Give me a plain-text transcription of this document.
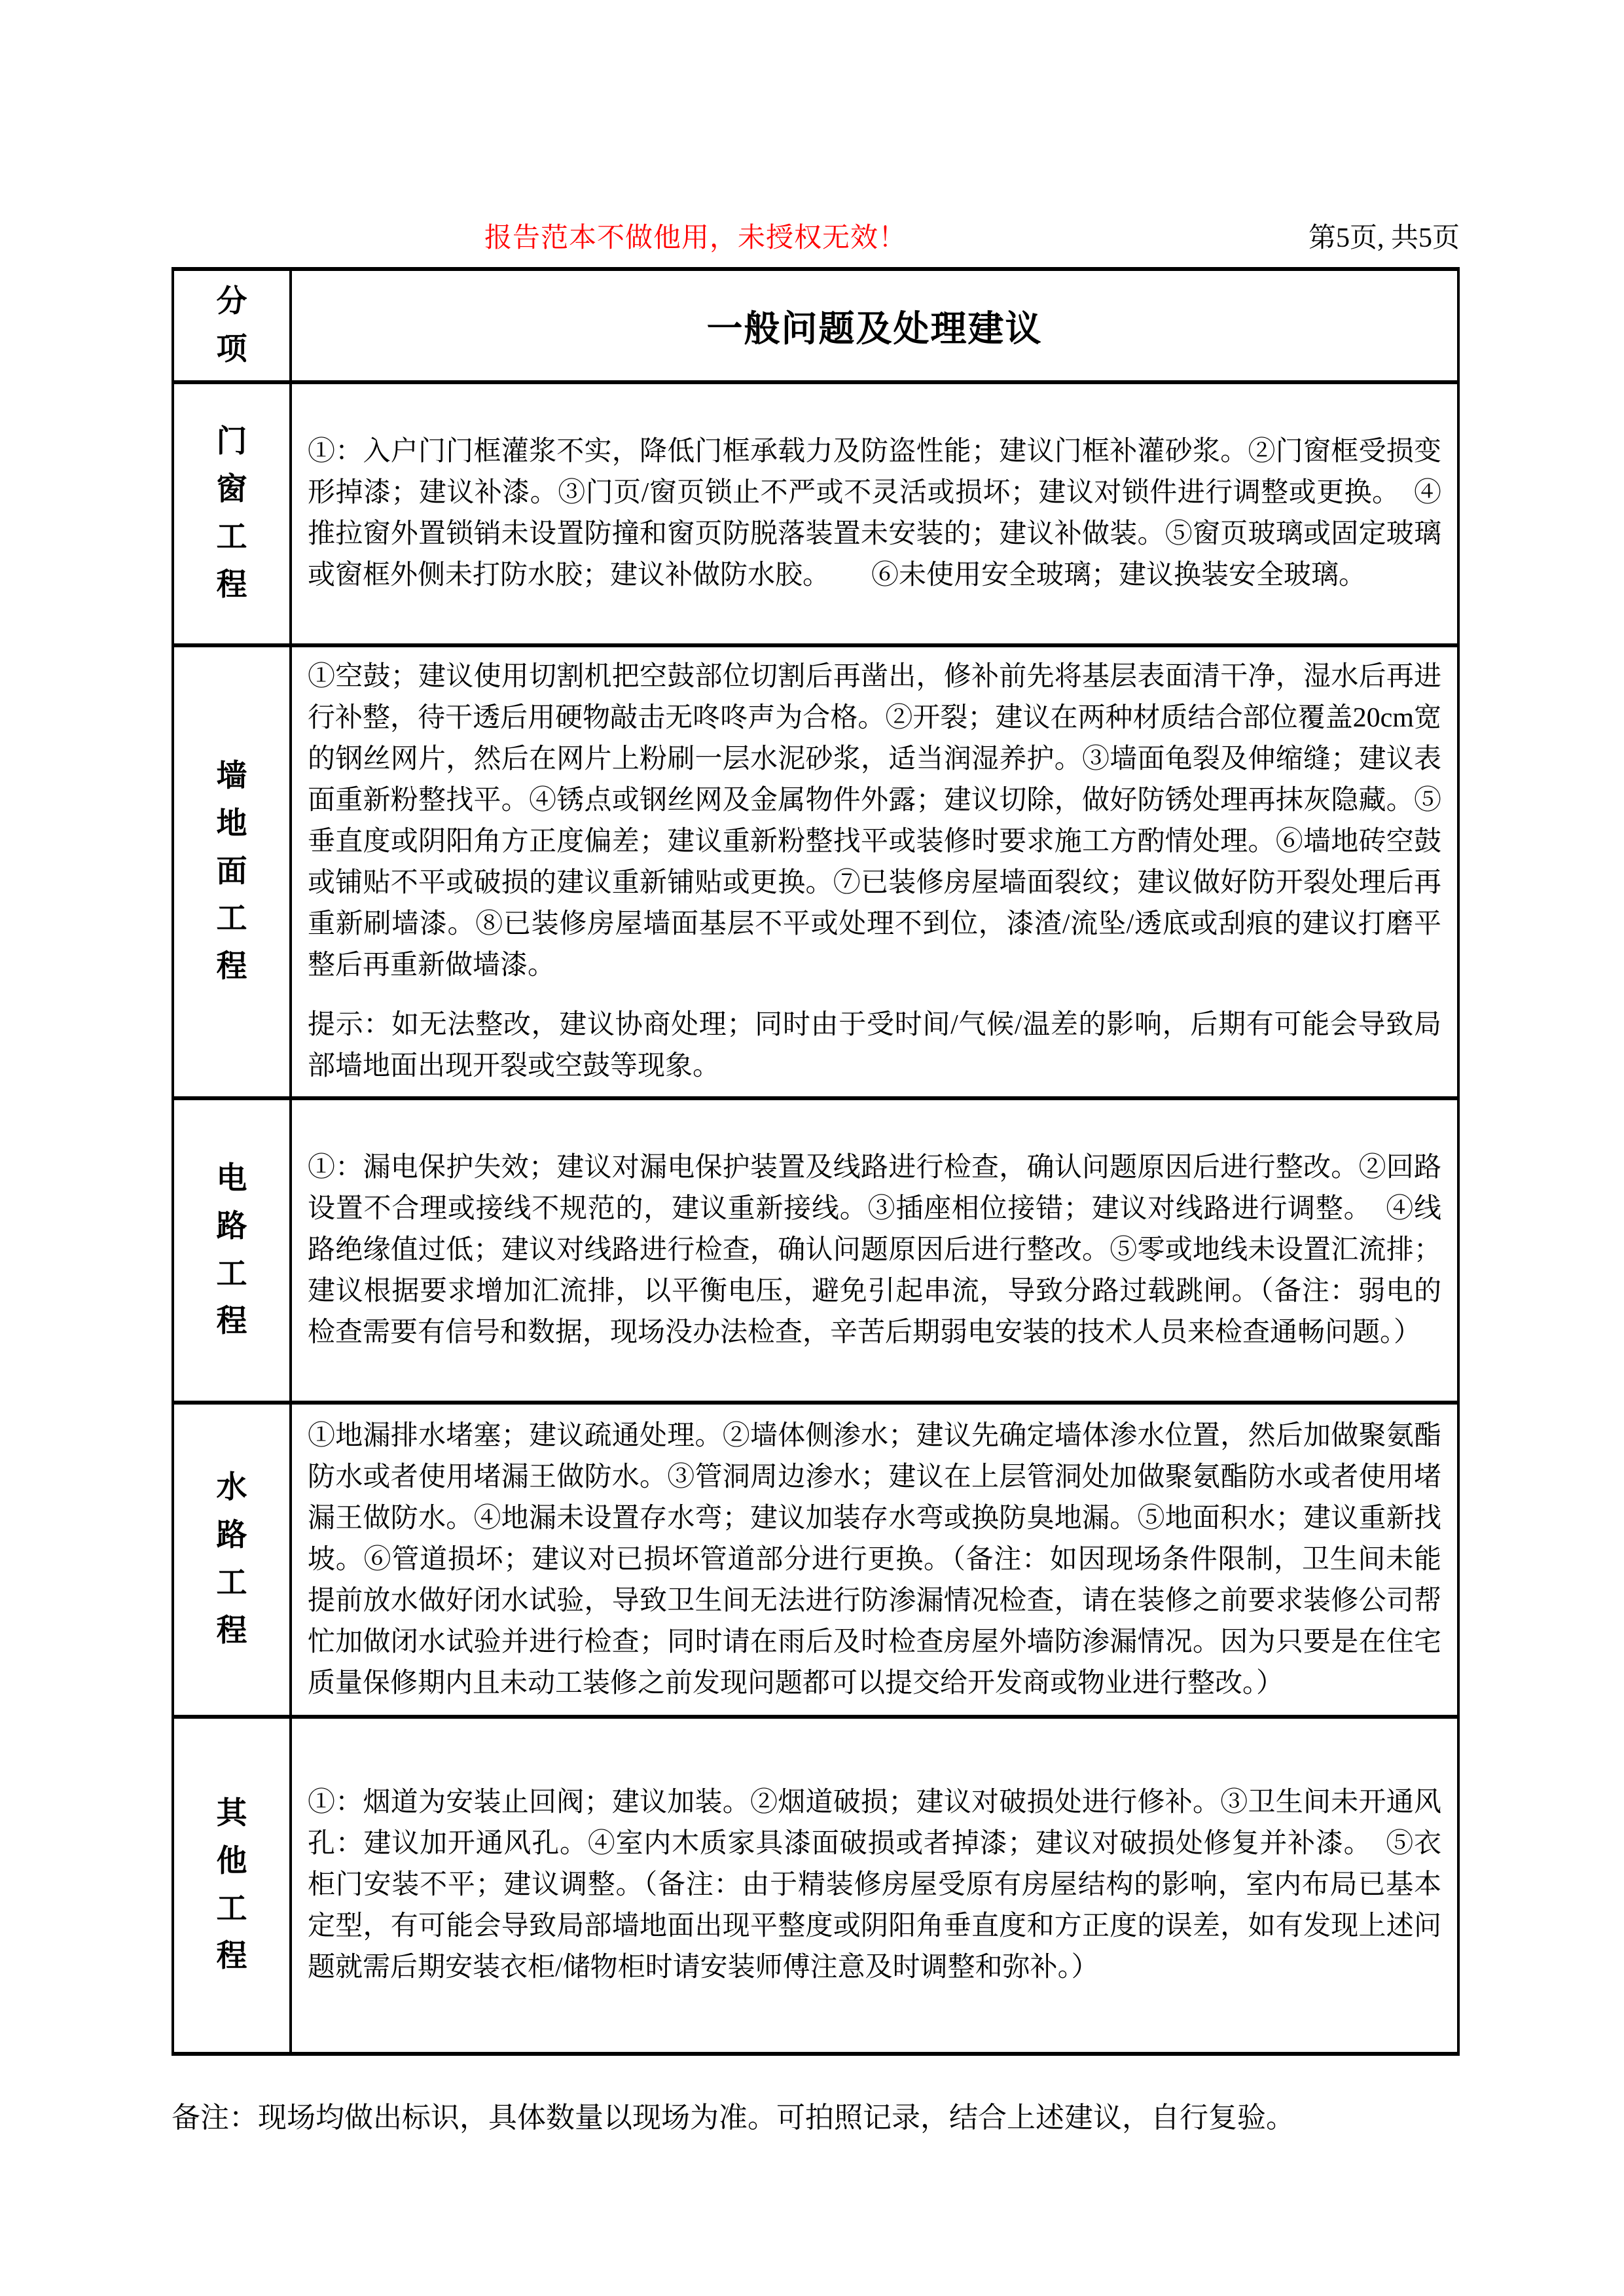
报告范本不做他用，未授权无效！	第5页, 共5页
分项	一般问题及处理建议

门窗工程	①：入户门门框灌浆不实，降低门框承载力及防盗性能；建议门框补灌砂浆。②门窗框受损变形掉漆；建议补漆。③门页/窗页锁止不严或不灵活或损坏；建议对锁件进行调整或更换。　④推拉窗外置锁销未设置防撞和窗页防脱落装置未安装的；建议补做装。⑤窗页玻璃或固定玻璃或窗框外侧未打防水胶；建议补做防水胶。　　⑥未使用安全玻璃；建议换装安全玻璃。

墙地面工程	①空鼓；建议使用切割机把空鼓部位切割后再凿出，修补前先将基层表面清干净，湿水后再进行补整，待干透后用硬物敲击无咚咚声为合格。②开裂；建议在两种材质结合部位覆盖20cm宽的钢丝网片，然后在网片上粉刷一层水泥砂浆，适当润湿养护。③墙面龟裂及伸缩缝；建议表面重新粉整找平。④锈点或钢丝网及金属物件外露；建议切除，做好防锈处理再抹灰隐藏。⑤垂直度或阴阳角方正度偏差；建议重新粉整找平或装修时要求施工方酌情处理。⑥墙地砖空鼓或铺贴不平或破损的建议重新铺贴或更换。⑦已装修房屋墙面裂纹；建议做好防开裂处理后再重新刷墙漆。⑧已装修房屋墙面基层不平或处理不到位，漆渣/流坠/透底或刮痕的建议打磨平整后再重新做墙漆。
提示：如无法整改，建议协商处理；同时由于受时间/气候/温差的影响，后期有可能会导致局部墙地面出现开裂或空鼓等现象。

电路工程	①：漏电保护失效；建议对漏电保护装置及线路进行检查，确认问题原因后进行整改。②回路设置不合理或接线不规范的，建议重新接线。③插座相位接错；建议对线路进行调整。　④线路绝缘值过低；建议对线路进行检查，确认问题原因后进行整改。⑤零或地线未设置汇流排；建议根据要求增加汇流排，以平衡电压，避免引起串流，导致分路过载跳闸。（备注：弱电的检查需要有信号和数据，现场没办法检查，辛苦后期弱电安装的技术人员来检查通畅问题。）

水路工程	①地漏排水堵塞；建议疏通处理。②墙体侧渗水；建议先确定墙体渗水位置，然后加做聚氨酯防水或者使用堵漏王做防水。③管洞周边渗水；建议在上层管洞处加做聚氨酯防水或者使用堵漏王做防水。④地漏未设置存水弯；建议加装存水弯或换防臭地漏。⑤地面积水；建议重新找坡。⑥管道损坏；建议对已损坏管道部分进行更换。（备注：如因现场条件限制，卫生间未能提前放水做好闭水试验，导致卫生间无法进行防渗漏情况检查，请在装修之前要求装修公司帮忙加做闭水试验并进行检查；同时请在雨后及时检查房屋外墙防渗漏情况。因为只要是在住宅质量保修期内且未动工装修之前发现问题都可以提交给开发商或物业进行整改。）

其他工程	①：烟道为安装止回阀；建议加装。②烟道破损；建议对破损处进行修补。③卫生间未开通风孔：建议加开通风孔。④室内木质家具漆面破损或者掉漆；建议对破损处修复并补漆。　⑤衣柜门安装不平；建议调整。（备注：由于精装修房屋受原有房屋结构的影响，室内布局已基本定型，有可能会导致局部墙地面出现平整度或阴阳角垂直度和方正度的误差，如有发现上述问题就需后期安装衣柜/储物柜时请安装师傅注意及时调整和弥补。）
备注：现场均做出标识，具体数量以现场为准。可拍照记录，结合上述建议，自行复验。
